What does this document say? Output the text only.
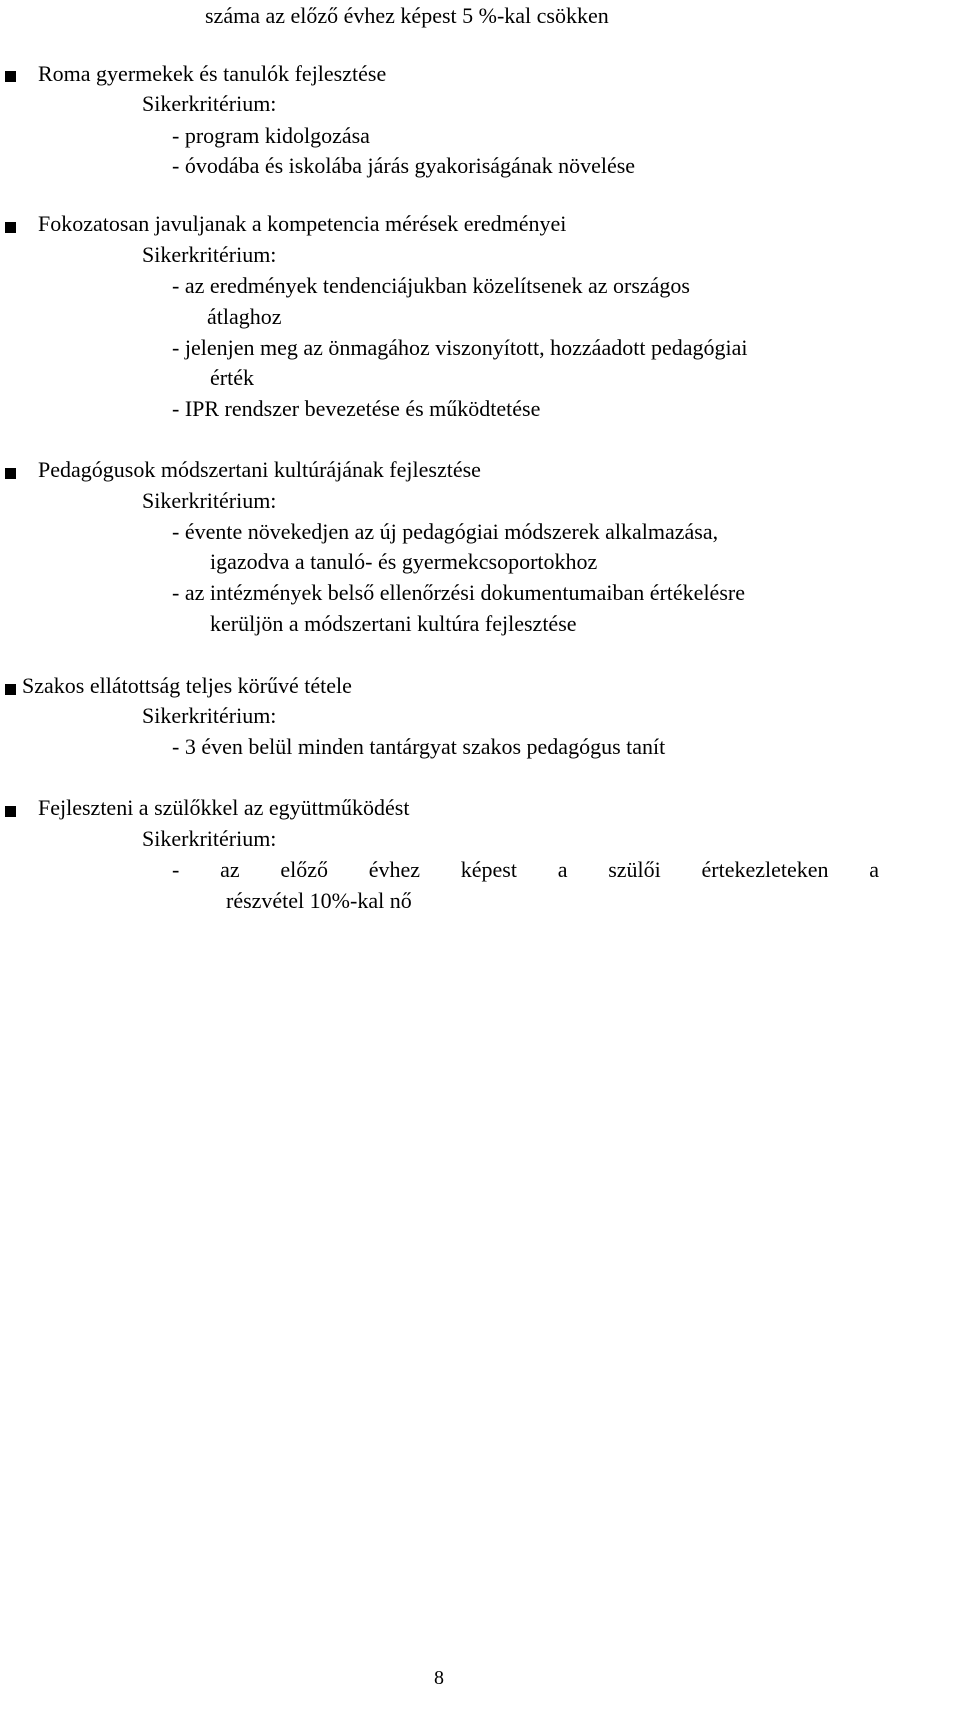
száma az előző évhez képest 5 %-kal csökken
Roma gyermekek és tanulók fejlesztése
Sikerkritérium:
- program kidolgozása
- óvodába és iskolába járás gyakoriságának növelése
Fokozatosan javuljanak a kompetencia mérések eredményei
Sikerkritérium:
- az eredmények tendenciájukban közelítsenek az országos
átlaghoz
- jelenjen meg az önmagához viszonyított, hozzáadott pedagógiai
érték
- IPR rendszer bevezetése és működtetése
Pedagógusok módszertani kultúrájának fejlesztése
Sikerkritérium:
- évente növekedjen az új pedagógiai módszerek alkalmazása,
igazodva a tanuló- és gyermekcsoportokhoz
- az intézmények belső ellenőrzési dokumentumaiban értékelésre
kerüljön a módszertani kultúra fejlesztése
Szakos ellátottság teljes körűvé tétele
Sikerkritérium:
- 3 éven belül minden tantárgyat szakos pedagógus tanít
Fejleszteni a szülőkkel az együttműködést
Sikerkritérium:
- az előző évhez képest a szülői értekezleteken a
részvétel 10%-kal nő
8
